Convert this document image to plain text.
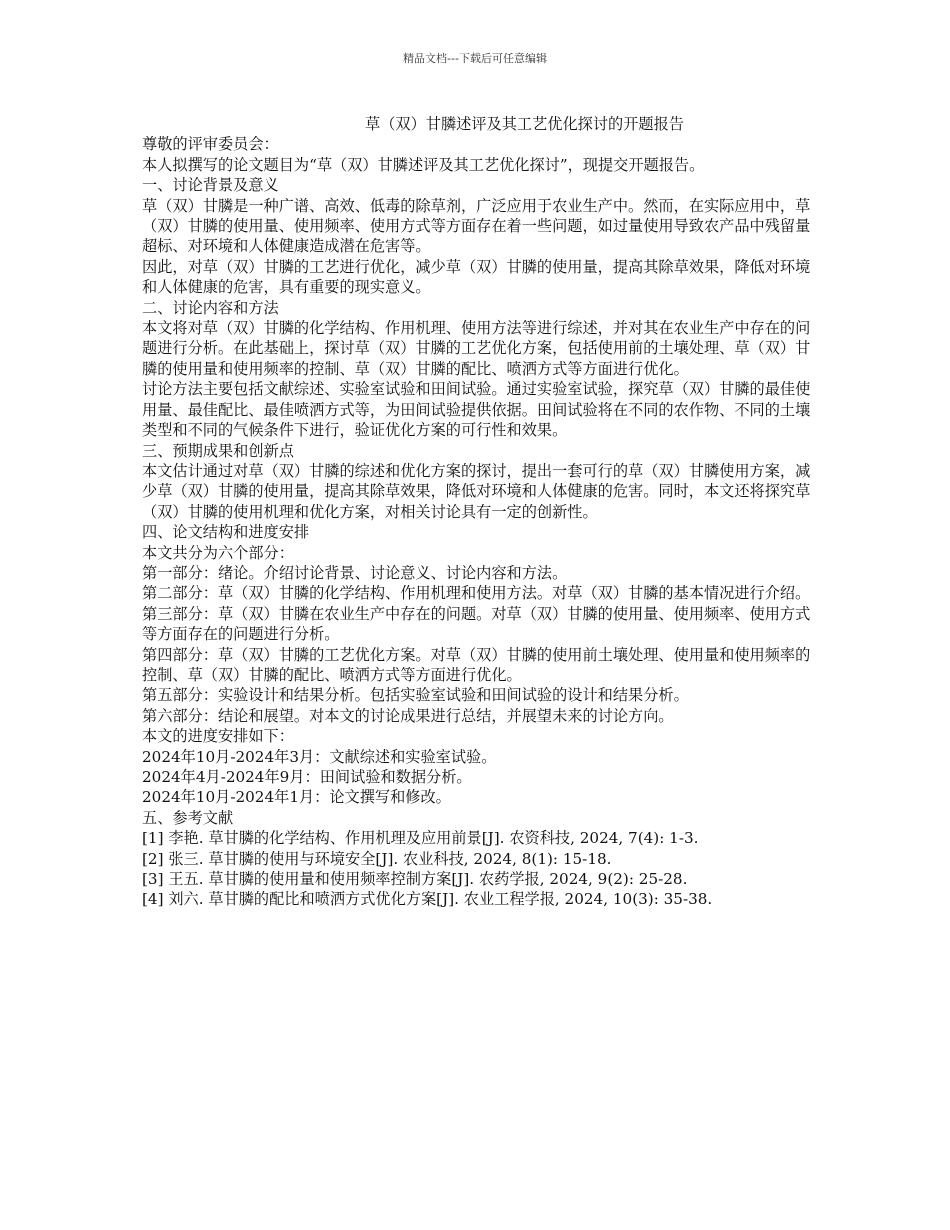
精品文档---下载后可任意编辑
草（双）甘膦述评及其工艺优化探讨的开题报告

尊敬的评审委员会：

本人拟撰写的论文题目为“草（双）甘膦述评及其工艺优化探讨”，现提交开题报告。

一、讨论背景及意义

草（双）甘膦是一种广谱、高效、低毒的除草剂，广泛应用于农业生产中。然而，在实际应用中，草（双）甘膦的使用量、使用频率、使用方式等方面存在着一些问题，如过量使用导致农产品中残留量超标、对环境和人体健康造成潜在危害等。

因此，对草（双）甘膦的工艺进行优化，减少草（双）甘膦的使用量，提高其除草效果，降低对环境和人体健康的危害，具有重要的现实意义。

二、讨论内容和方法

本文将对草（双）甘膦的化学结构、作用机理、使用方法等进行综述，并对其在农业生产中存在的问题进行分析。在此基础上，探讨草（双）甘膦的工艺优化方案，包括使用前的土壤处理、草（双）甘膦的使用量和使用频率的控制、草（双）甘膦的配比、喷洒方式等方面进行优化。

讨论方法主要包括文献综述、实验室试验和田间试验。通过实验室试验，探究草（双）甘膦的最佳使用量、最佳配比、最佳喷洒方式等，为田间试验提供依据。田间试验将在不同的农作物、不同的土壤类型和不同的气候条件下进行，验证优化方案的可行性和效果。

三、预期成果和创新点

本文估计通过对草（双）甘膦的综述和优化方案的探讨，提出一套可行的草（双）甘膦使用方案，减少草（双）甘膦的使用量，提高其除草效果，降低对环境和人体健康的危害。同时，本文还将探究草（双）甘膦的使用机理和优化方案，对相关讨论具有一定的创新性。

四、论文结构和进度安排

本文共分为六个部分：

第一部分：绪论。介绍讨论背景、讨论意义、讨论内容和方法。

第二部分：草（双）甘膦的化学结构、作用机理和使用方法。对草（双）甘膦的基本情况进行介绍。

第三部分：草（双）甘膦在农业生产中存在的问题。对草（双）甘膦的使用量、使用频率、使用方式等方面存在的问题进行分析。

第四部分：草（双）甘膦的工艺优化方案。对草（双）甘膦的使用前土壤处理、使用量和使用频率的控制、草（双）甘膦的配比、喷洒方式等方面进行优化。

第五部分：实验设计和结果分析。包括实验室试验和田间试验的设计和结果分析。

第六部分：结论和展望。对本文的讨论成果进行总结，并展望未来的讨论方向。

本文的进度安排如下：

2024年10月-2024年3月：文献综述和实验室试验。

2024年4月-2024年9月：田间试验和数据分析。

2024年10月-2024年1月：论文撰写和修改。

五、参考文献

[1] 李艳. 草甘膦的化学结构、作用机理及应用前景[J]. 农资科技, 2024, 7(4): 1-3.

[2] 张三. 草甘膦的使用与环境安全[J]. 农业科技, 2024, 8(1): 15-18.

[3] 王五. 草甘膦的使用量和使用频率控制方案[J]. 农药学报, 2024, 9(2): 25-28.

[4] 刘六. 草甘膦的配比和喷洒方式优化方案[J]. 农业工程学报, 2024, 10(3): 35-38.
